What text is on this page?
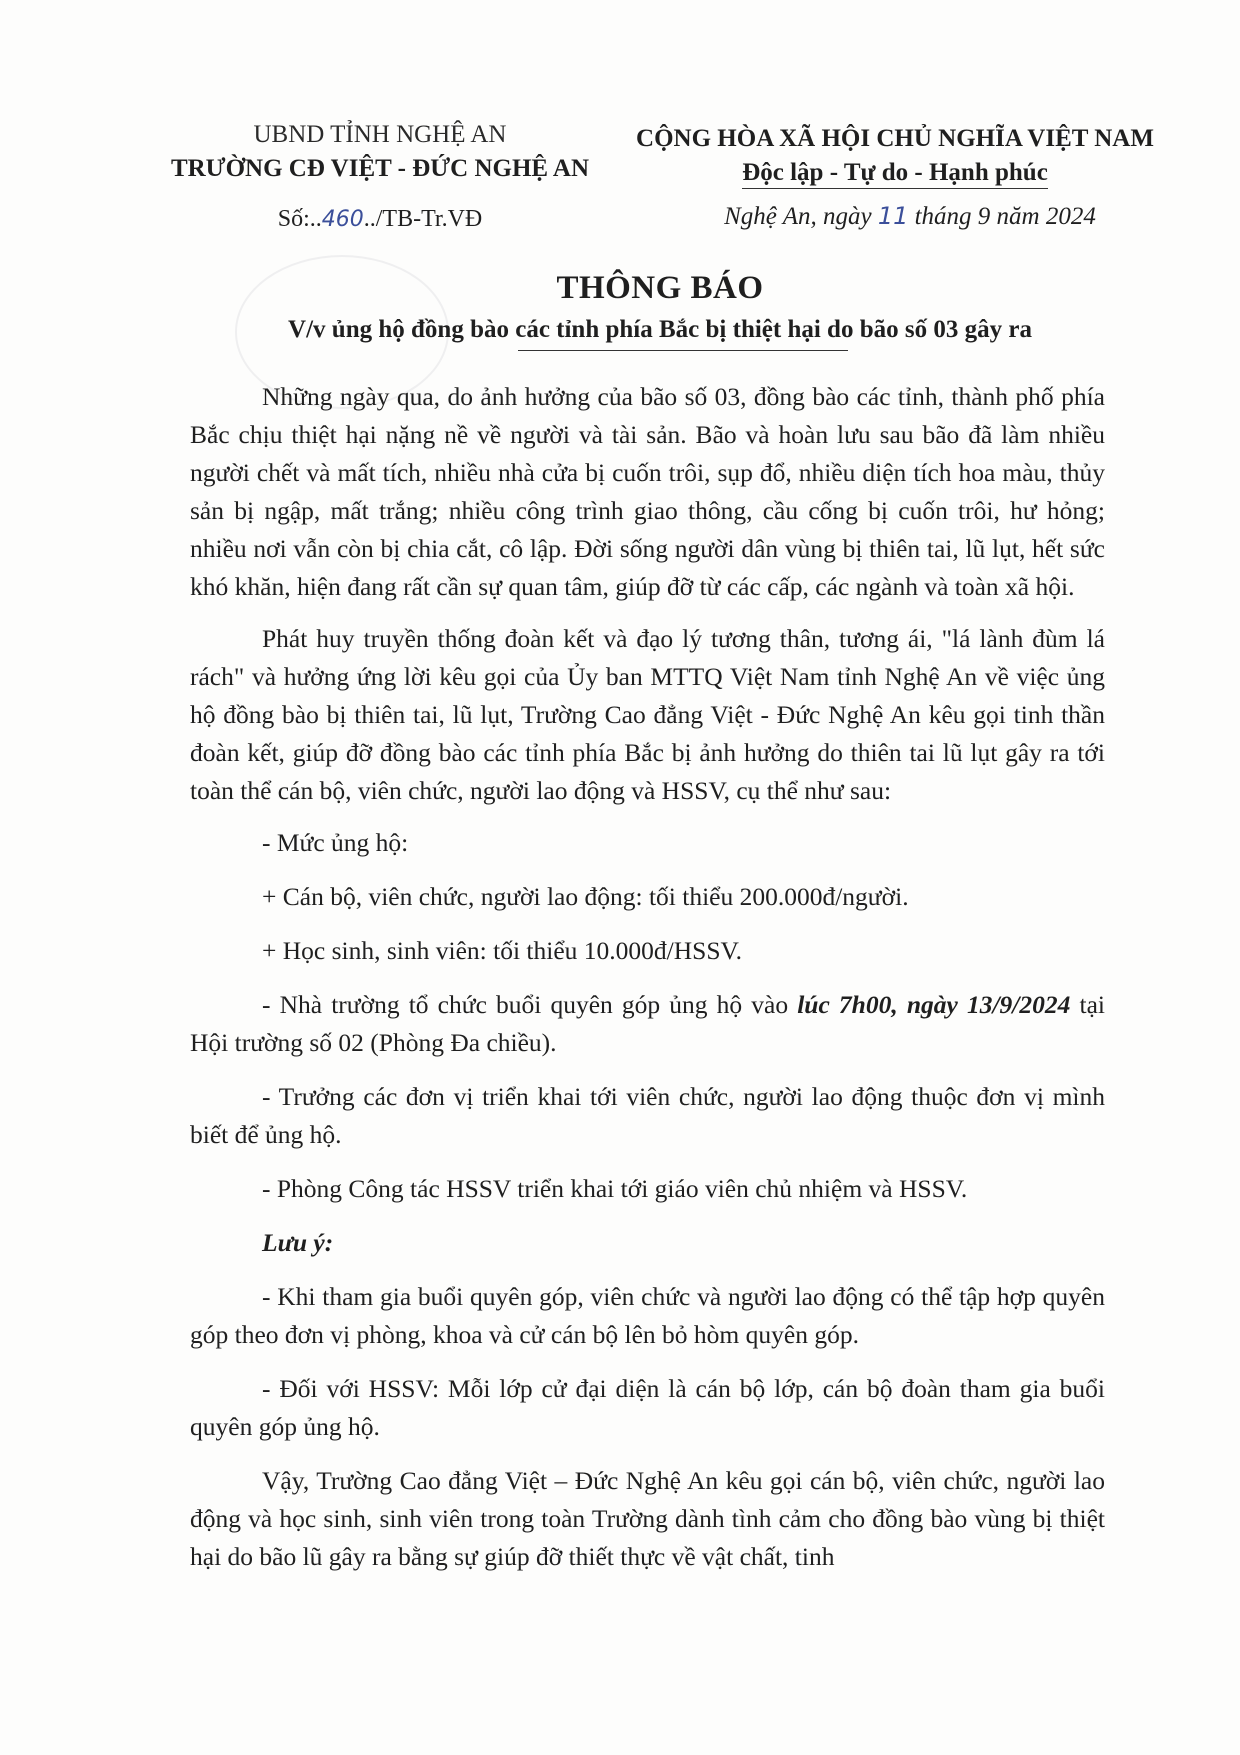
UBND TỈNH NGHỆ AN
TRƯỜNG CĐ VIỆT - ĐỨC NGHỆ AN
CỘNG HÒA XÃ HỘI CHỦ NGHĨA VIỆT NAM
Độc lập - Tự do - Hạnh phúc
Số:..460../TB-Tr.VĐ	Nghệ An, ngày 11 tháng 9 năm 2024
THÔNG BÁO
V/v ủng hộ đồng bào các tỉnh phía Bắc bị thiệt hại do bão số 03 gây ra

Những ngày qua, do ảnh hưởng của bão số 03, đồng bào các tỉnh, thành phố phía Bắc chịu thiệt hại nặng nề về người và tài sản. Bão và hoàn lưu sau bão đã làm nhiều người chết và mất tích, nhiều nhà cửa bị cuốn trôi, sụp đổ, nhiều diện tích hoa màu, thủy sản bị ngập, mất trắng; nhiều công trình giao thông, cầu cống bị cuốn trôi, hư hỏng; nhiều nơi vẫn còn bị chia cắt, cô lập. Đời sống người dân vùng bị thiên tai, lũ lụt, hết sức khó khăn, hiện đang rất cần sự quan tâm, giúp đỡ từ các cấp, các ngành và toàn xã hội.

Phát huy truyền thống đoàn kết và đạo lý tương thân, tương ái, "lá lành đùm lá rách" và hưởng ứng lời kêu gọi của Ủy ban MTTQ Việt Nam tỉnh Nghệ An về việc ủng hộ đồng bào bị thiên tai, lũ lụt, Trường Cao đẳng Việt - Đức Nghệ An kêu gọi tinh thần đoàn kết, giúp đỡ đồng bào các tỉnh phía Bắc bị ảnh hưởng do thiên tai lũ lụt gây ra tới toàn thể cán bộ, viên chức, người lao động và HSSV, cụ thể như sau:

- Mức ủng hộ:

+ Cán bộ, viên chức, người lao động: tối thiểu 200.000đ/người.

+ Học sinh, sinh viên: tối thiểu 10.000đ/HSSV.

- Nhà trường tổ chức buổi quyên góp ủng hộ vào lúc 7h00, ngày 13/9/2024 tại Hội trường số 02 (Phòng Đa chiều).

- Trưởng các đơn vị triển khai tới viên chức, người lao động thuộc đơn vị mình biết để ủng hộ.

- Phòng Công tác HSSV triển khai tới giáo viên chủ nhiệm và HSSV.

Lưu ý:

- Khi tham gia buổi quyên góp, viên chức và người lao động có thể tập hợp quyên góp theo đơn vị phòng, khoa và cử cán bộ lên bỏ hòm quyên góp.

- Đối với HSSV: Mỗi lớp cử đại diện là cán bộ lớp, cán bộ đoàn tham gia buổi quyên góp ủng hộ.

Vậy, Trường Cao đẳng Việt – Đức Nghệ An kêu gọi cán bộ, viên chức, người lao động và học sinh, sinh viên trong toàn Trường dành tình cảm cho đồng bào vùng bị thiệt hại do bão lũ gây ra bằng sự giúp đỡ thiết thực về vật chất, tinh
